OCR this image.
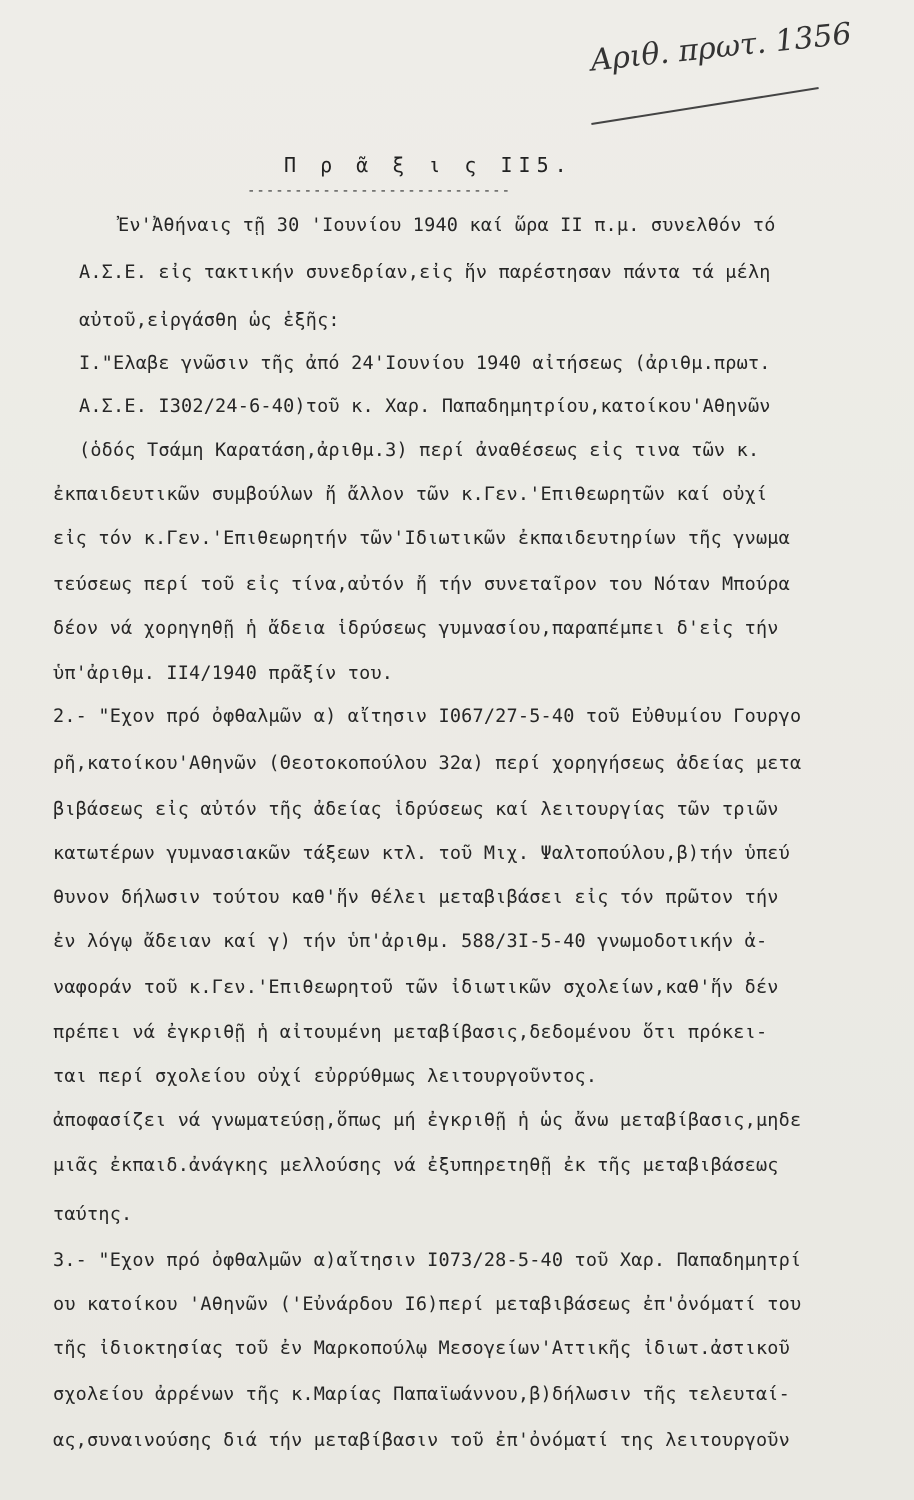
Αριθ. πρωτ. 1356
Π ρ ᾶ ξ ι ς II5.
----------------------------
Ἐν'Ἀθήναις τῇ 30 'Ιουνίου 1940 καί ὥρα II π.μ. συνελθόν τό
Α.Σ.Ε. εἰς τακτικήν συνεδρίαν,εἰς ἥν παρέστησαν πάντα τά μέλη
αὐτοῦ,εἰργάσθη ὡς ἑξῆς:
I."Ελαβε γνῶσιν τῆς ἀπό 24'Ιουνίου 1940 αἰτήσεως (ἀριθμ.πρωτ.
Α.Σ.Ε. I302/24-6-40)τοῦ κ. Χαρ. Παπαδημητρίου,κατοίκου'Αθηνῶν
(ὁδός Τσάμη Καρατάση,ἀριθμ.3) περί ἀναθέσεως εἰς τινα τῶν κ.
ἐκπαιδευτικῶν συμβούλων ἤ ἄλλον τῶν κ.Γεν.'Επιθεωρητῶν καί οὐχί
εἰς τόν κ.Γεν.'Επιθεωρητήν τῶν'Ιδιωτικῶν ἐκπαιδευτηρίων τῆς γνωμα
τεύσεως περί τοῦ εἰς τίνα,αὐτόν ἤ τήν συνεταῖρον του Νόταν Μπούρα
δέον νά χορηγηθῇ ἡ ἄδεια ἱδρύσεως γυμνασίου,παραπέμπει δ'εἰς τήν
ὑπ'ἀριθμ. II4/1940 πρᾶξίν του.
2.- "Εχον πρό ὀφθαλμῶν α) αἴτησιν I067/27-5-40 τοῦ Εὐθυμίου Γουργο
ρῆ,κατοίκου'Αθηνῶν (Θεοτοκοπούλου 32α) περί χορηγήσεως ἀδείας μετα
βιβάσεως εἰς αὐτόν τῆς ἀδείας ἱδρύσεως καί λειτουργίας τῶν τριῶν
κατωτέρων γυμνασιακῶν τάξεων κτλ. τοῦ Μιχ. Ψαλτοπούλου,β)τήν ὑπεύ
θυνον δήλωσιν τούτου καθ'ἥν θέλει μεταβιβάσει εἰς τόν πρῶτον τήν
ἐν λόγῳ ἄδειαν καί γ) τήν ὑπ'ἀριθμ. 588/3I-5-40 γνωμοδοτικήν ἀ-
ναφοράν τοῦ κ.Γεν.'Επιθεωρητοῦ τῶν ἰδιωτικῶν σχολείων,καθ'ἥν δέν
πρέπει νά ἐγκριθῇ ἡ αἰτουμένη μεταβίβασις,δεδομένου ὅτι πρόκει-
ται περί σχολείου οὐχί εὐρρύθμως λειτουργοῦντος.
ἀποφασίζει νά γνωματεύσῃ,ὅπως μή ἐγκριθῇ ἡ ὡς ἄνω μεταβίβασις,μηδε
μιᾶς ἐκπαιδ.ἀνάγκης μελλούσης νά ἐξυπηρετηθῇ ἐκ τῆς μεταβιβάσεως
ταύτης.
3.- "Εχον πρό ὀφθαλμῶν α)αἴτησιν I073/28-5-40 τοῦ Χαρ. Παπαδημητρί
ου κατοίκου 'Αθηνῶν ('Εὐνάρδου I6)περί μεταβιβάσεως ἐπ'ὀνόματί του
τῆς ἰδιοκτησίας τοῦ ἐν Μαρκοπούλῳ Μεσογείων'Αττικῆς ἰδιωτ.ἀστικοῦ
σχολείου ἀρρένων τῆς κ.Μαρίας Παπαϊωάννου,β)δήλωσιν τῆς τελευταί-
ας,συναινούσης διά τήν μεταβίβασιν τοῦ ἐπ'ὀνόματί της λειτουργοῦν
